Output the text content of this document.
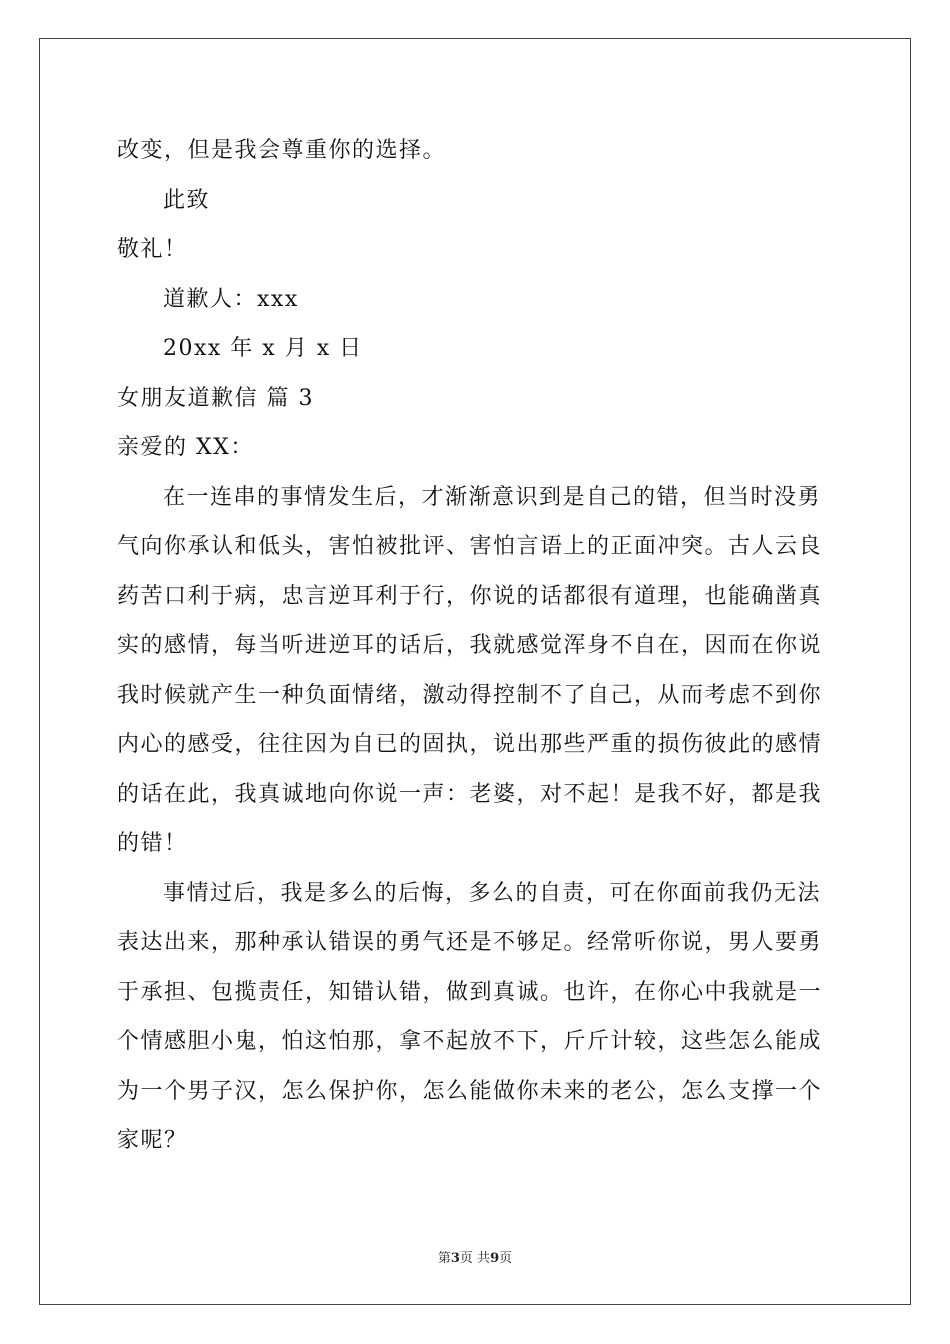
改变，但是我会尊重你的选择。
此致
敬礼！
道歉人：xxx
20xx 年 x 月 x 日
女朋友道歉信 篇 3
亲爱的 XX：
在一连串的事情发生后，才渐渐意识到是自己的错，但当时没勇
气向你承认和低头，害怕被批评、害怕言语上的正面冲突。古人云良
药苦口利于病，忠言逆耳利于行，你说的话都很有道理，也能确凿真
实的感情，每当听进逆耳的话后，我就感觉浑身不自在，因而在你说
我时候就产生一种负面情绪，激动得控制不了自己，从而考虑不到你
内心的感受，往往因为自已的固执，说出那些严重的损伤彼此的感情
的话在此，我真诚地向你说一声：老婆，对不起！是我不好，都是我
的错！
事情过后，我是多么的后悔，多么的自责，可在你面前我仍无法
表达出来，那种承认错误的勇气还是不够足。经常听你说，男人要勇
于承担、包揽责任，知错认错，做到真诚。也许，在你心中我就是一
个情感胆小鬼，怕这怕那，拿不起放不下，斤斤计较，这些怎么能成
为一个男子汉，怎么保护你，怎么能做你未来的老公，怎么支撑一个
家呢？
第3页 共9页
